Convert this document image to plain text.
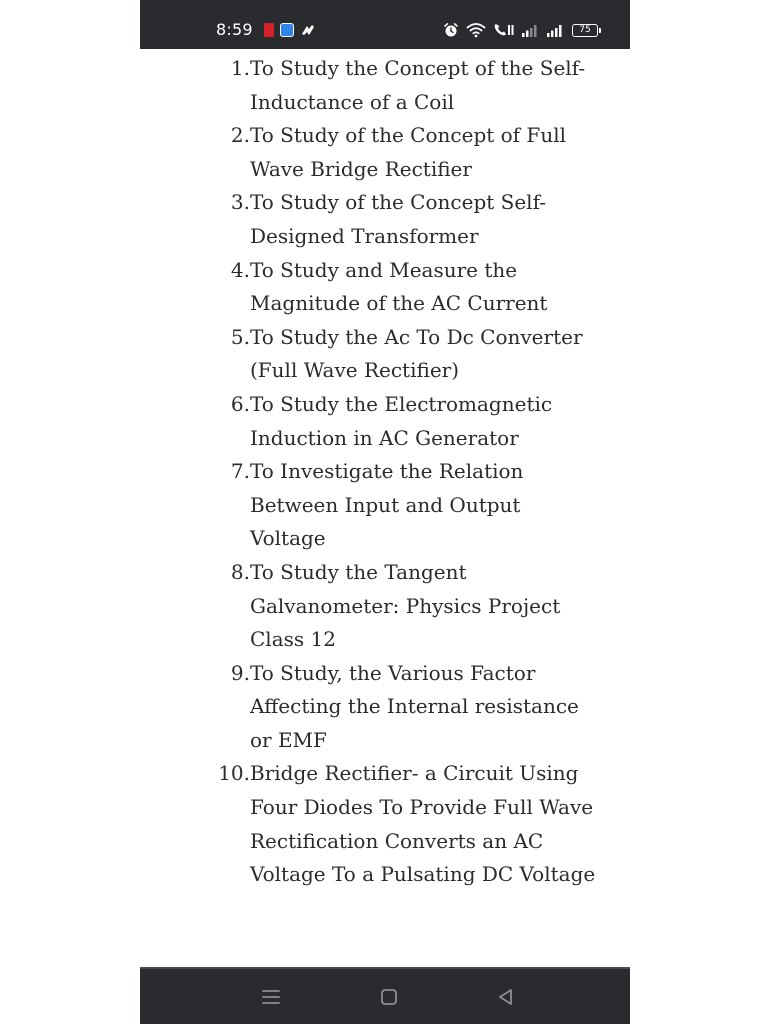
8:59	75
1. To Study the Concept of the Self-Inductance of a Coil
2. To Study of the Concept of Full Wave Bridge Rectifier
3. To Study of the Concept Self-Designed Transformer
4. To Study and Measure the Magnitude of the AC Current
5. To Study the Ac To Dc Converter (Full Wave Rectifier)
6. To Study the Electromagnetic Induction in AC Generator
7. To Investigate the Relation Between Input and Output Voltage
8. To Study the Tangent Galvanometer: Physics Project Class 12
9. To Study, the Various Factor Affecting the Internal resistance or EMF
10. Bridge Rectifier- a Circuit Using Four Diodes To Provide Full Wave Rectification Converts an AC Voltage To a Pulsating DC Voltage
